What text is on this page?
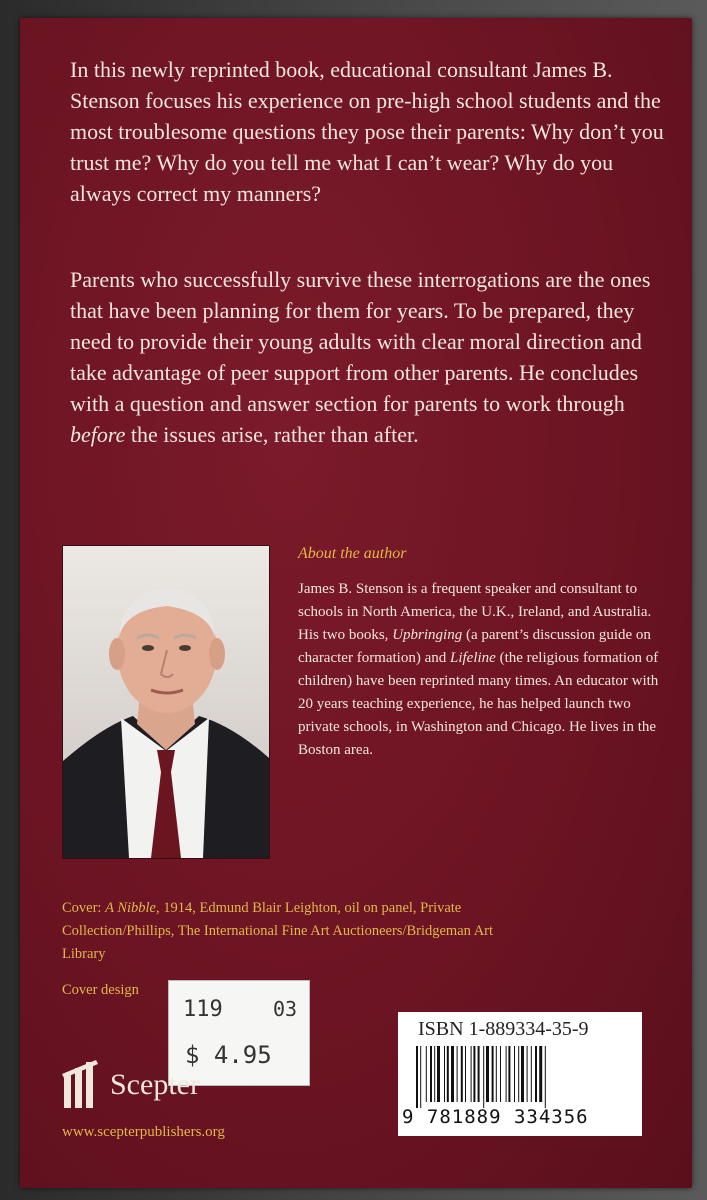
In this newly reprinted book, educational consultant James B. Stenson focuses his experience on pre-high school students and the most troublesome questions they pose their parents: Why don’t you trust me? Why do you tell me what I can’t wear? Why do you always correct my manners?

Parents who successfully survive these interrogations are the ones that have been planning for them for years. To be prepared, they need to provide their young adults with clear moral direction and take advantage of peer support from other parents. He concludes with a question and answer section for parents to work through before the issues arise, rather than after.

About the author

James B. Stenson is a frequent speaker and consultant to schools in North America, the U.K., Ireland, and Australia. His two books, Upbringing (a parent’s discussion guide on character formation) and Lifeline (the religious formation of children) have been reprinted many times. An educator with 20 years teaching experience, he has helped launch two private schools, in Washington and Chicago. He lives in the Boston area.

Cover: A Nibble, 1914, Edmund Blair Leighton, oil on panel, Private Collection/Phillips, The International Fine Art Auctioneers/Bridgeman Art Library

Cover design

119	03
$ 4.95

Scepter

www.scepterpublishers.org

ISBN 1-889334-35-9

9 781889 334356
